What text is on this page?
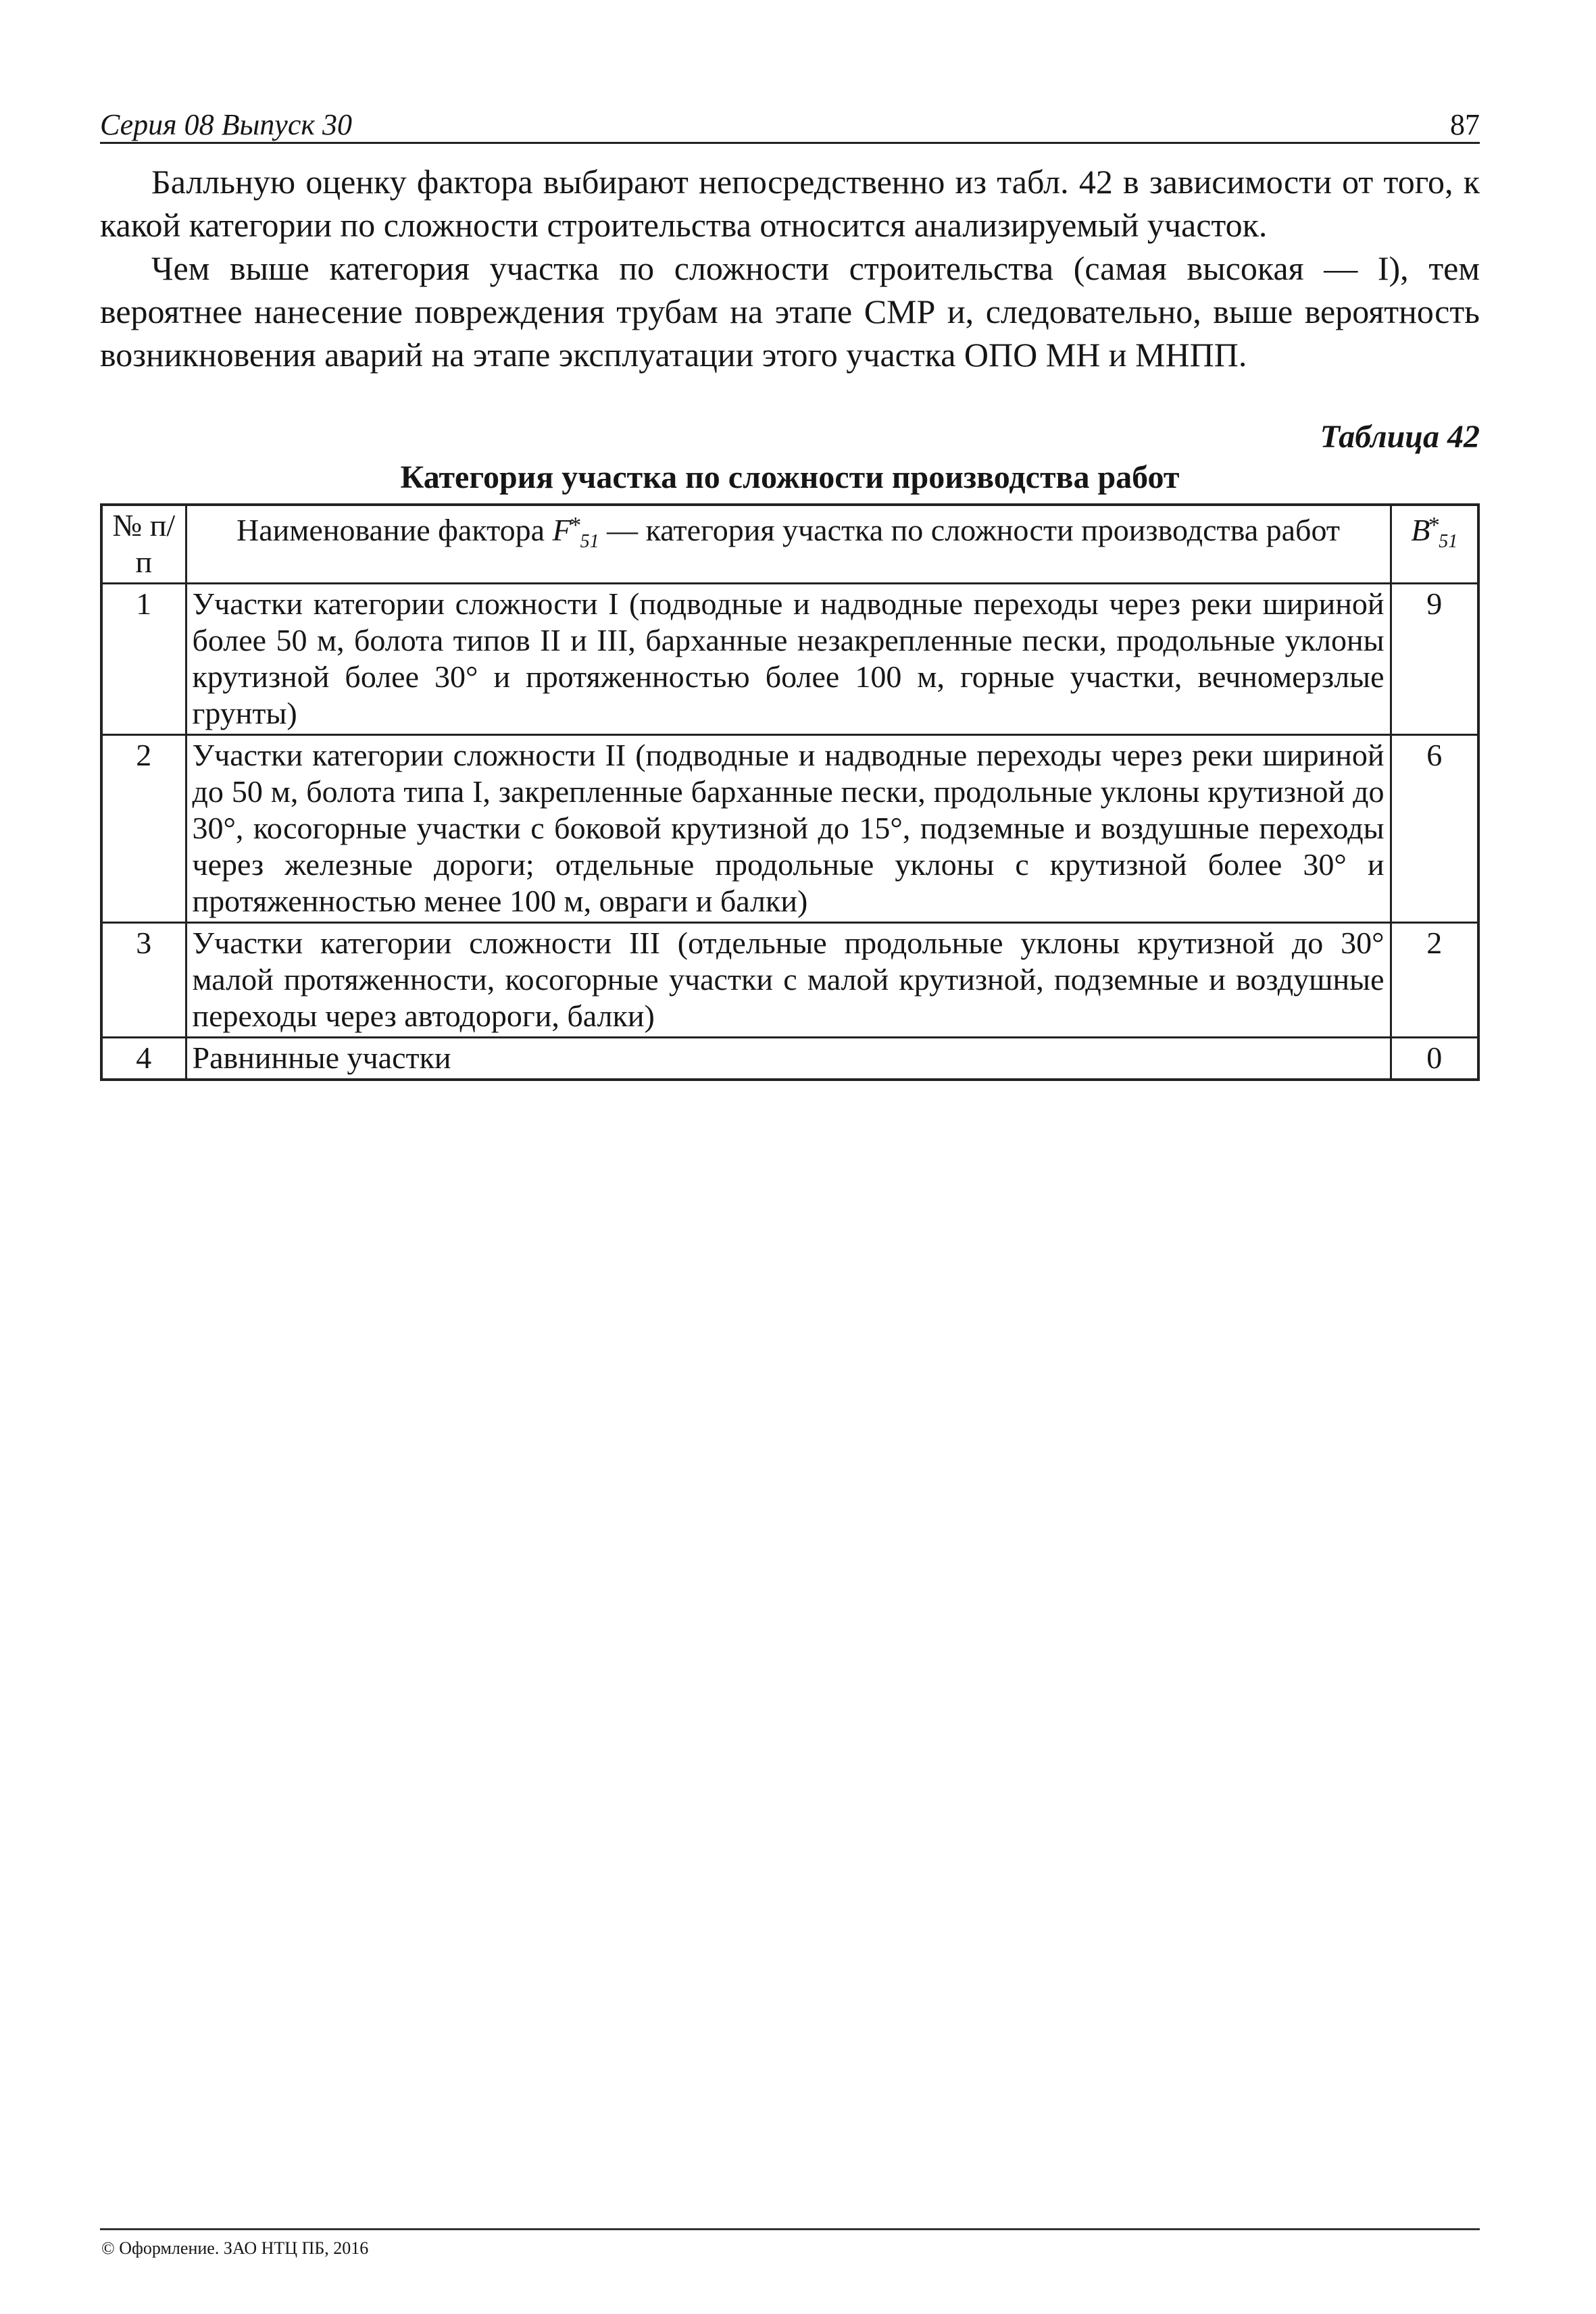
Серия 08 Выпуск 30	87

Балльную оценку фактора выбирают непосредственно из табл. 42 в зависимости от того, к какой категории по сложности строительства относится анализируемый участок.

Чем выше категория участка по сложности строительства (самая высокая — I), тем вероятнее нанесение повреждения трубам на этапе СМР и, следовательно, выше вероятность возникновения аварий на этапе эксплуатации этого участка ОПО МН и МНПП.

Таблица 42
Категория участка по сложности производства работ
№ п/п	Наименование фактора $F^*_{51}$ — категория участка по сложности производства работ	$B^*_{51}$
1	Участки категории сложности I (подводные и надводные переходы через реки шириной более 50 м, болота типов II и III, барханные незакрепленные пески, продольные уклоны крутизной более 30° и протяженностью более 100 м, горные участки, вечномерзлые грунты)	9
2	Участки категории сложности II (подводные и надводные переходы через реки шириной до 50 м, болота типа I, закрепленные барханные пески, продольные уклоны крутизной до 30°, косогорные участки с боковой крутизной до 15°, подземные и воздушные переходы через железные дороги; отдельные продольные уклоны с крутизной более 30° и протяженностью менее 100 м, овраги и балки)	6
3	Участки категории сложности III (отдельные продольные уклоны крутизной до 30° малой протяженности, косогорные участки с малой крутизной, подземные и воздушные переходы через автодороги, балки)	2
4	Равнинные участки	0
© Оформление. ЗАО НТЦ ПБ, 2016
